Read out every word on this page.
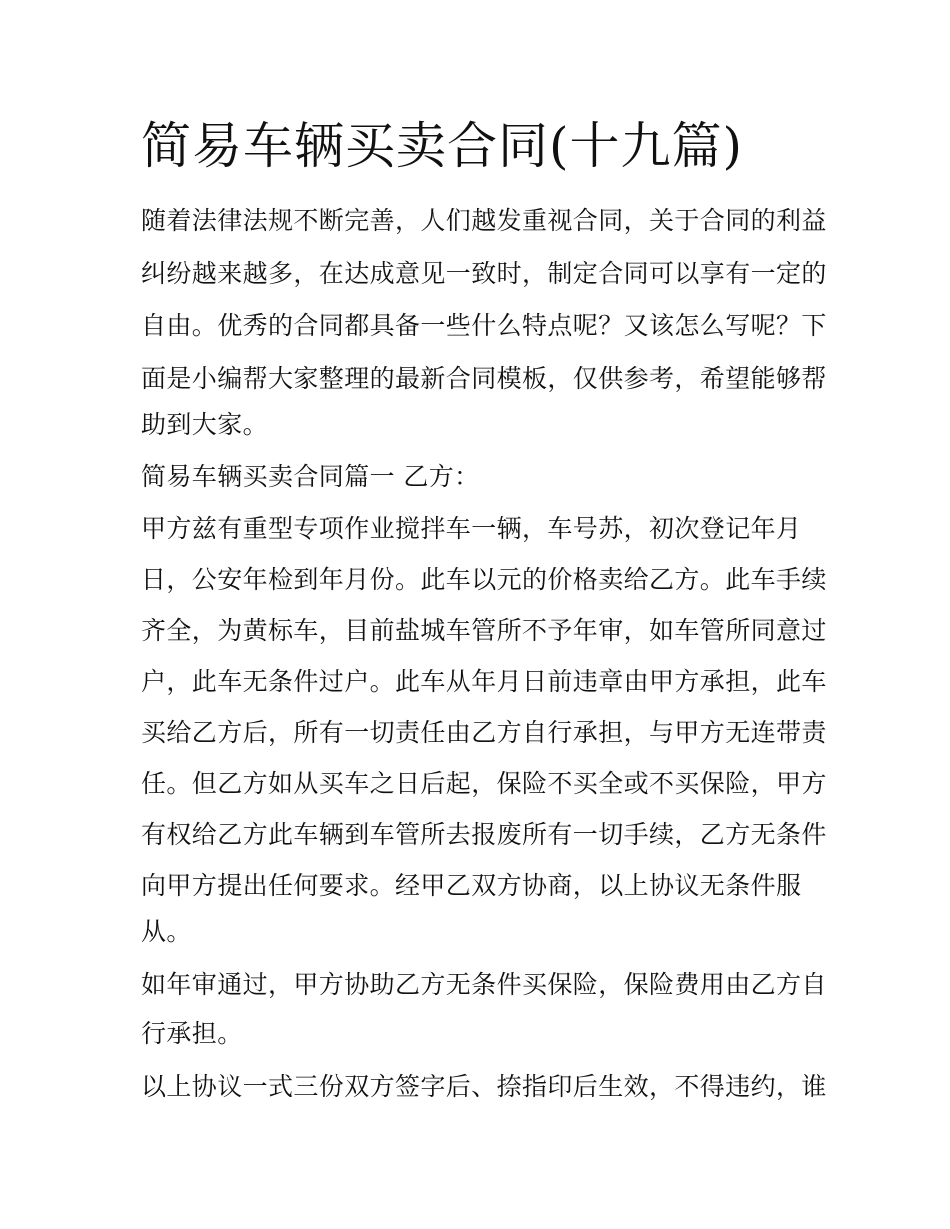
简易车辆买卖合同(十九篇)

随着法律法规不断完善，人们越发重视合同，关于合同的利益

纠纷越来越多，在达成意见一致时，制定合同可以享有一定的

自由。优秀的合同都具备一些什么特点呢？又该怎么写呢？下

面是小编帮大家整理的最新合同模板，仅供参考，希望能够帮

助到大家。

简易车辆买卖合同篇一 乙方：

甲方兹有重型专项作业搅拌车一辆，车号苏，初次登记年月

日，公安年检到年月份。此车以元的价格卖给乙方。此车手续

齐全，为黄标车，目前盐城车管所不予年审，如车管所同意过

户，此车无条件过户。此车从年月日前违章由甲方承担，此车

买给乙方后，所有一切责任由乙方自行承担，与甲方无连带责

任。但乙方如从买车之日后起，保险不买全或不买保险，甲方

有权给乙方此车辆到车管所去报废所有一切手续，乙方无条件

向甲方提出任何要求。经甲乙双方协商，以上协议无条件服

从。

如年审通过，甲方协助乙方无条件买保险，保险费用由乙方自

行承担。

以上协议一式三份双方签字后、捺指印后生效，不得违约，谁
